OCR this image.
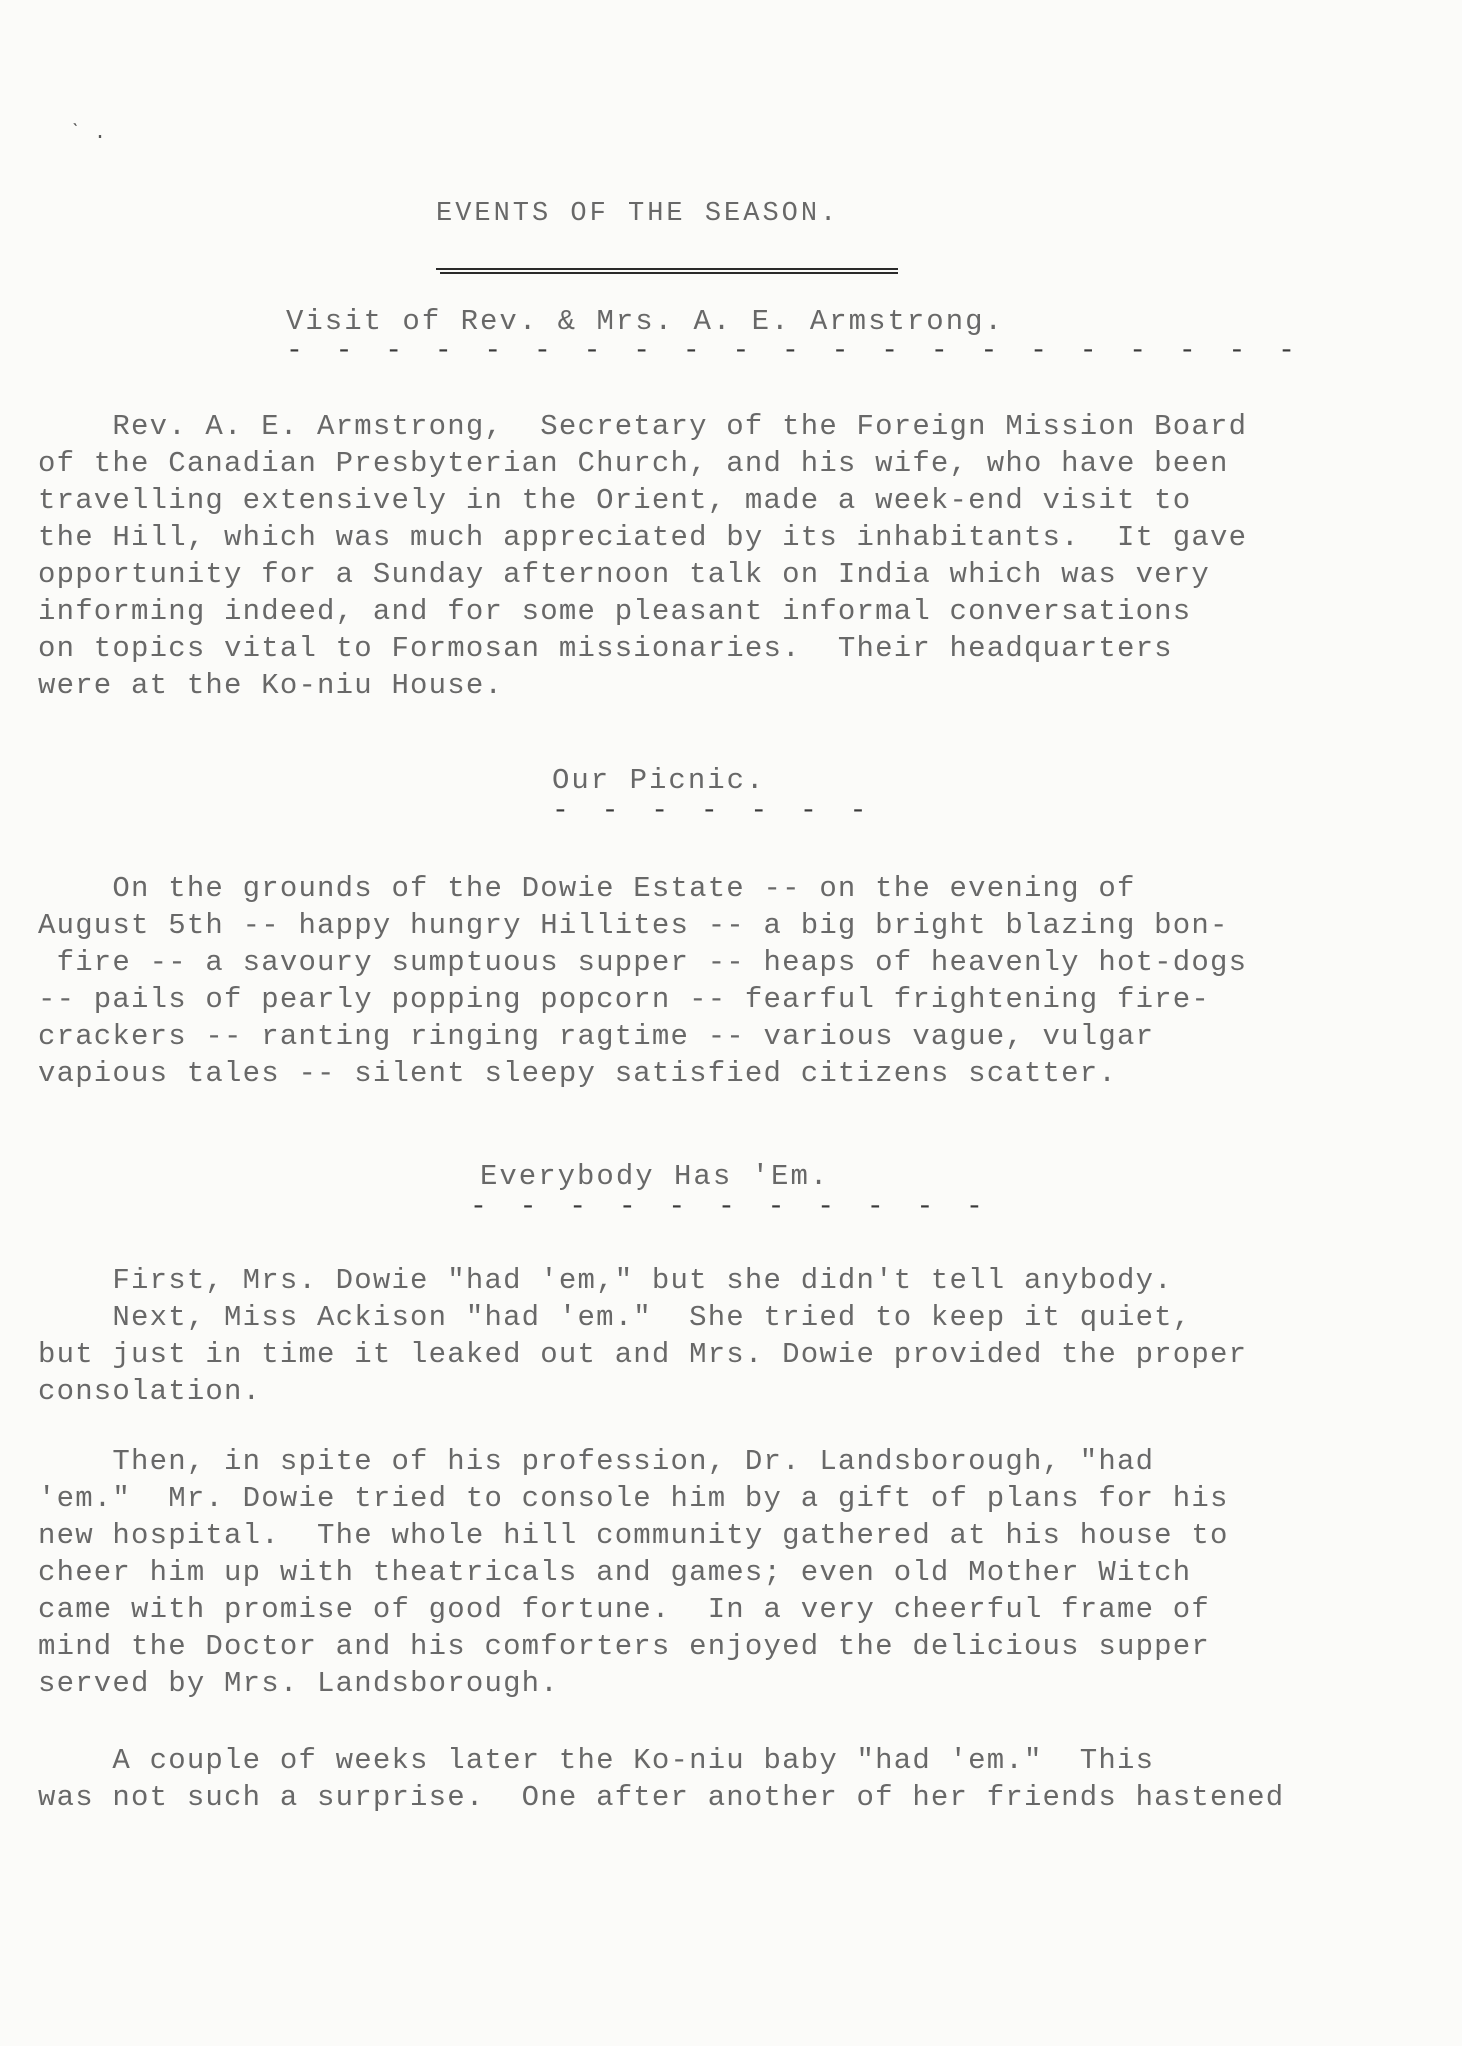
ˋ .
EVENTS OF THE SEASON.
Visit of Rev. & Mrs. A. E. Armstrong.
- - - - - - - - - - - - - - - - - - - - -
Rev. A. E. Armstrong,  Secretary of the Foreign Mission Board
of the Canadian Presbyterian Church, and his wife, who have been
travelling extensively in the Orient, made a week-end visit to
the Hill, which was much appreciated by its inhabitants.  It gave
opportunity for a Sunday afternoon talk on India which was very
informing indeed, and for some pleasant informal conversations
on topics vital to Formosan missionaries.  Their headquarters
were at the Ko-niu House.
Our Picnic.
- - - - - - -
On the grounds of the Dowie Estate -- on the evening of
August 5th -- happy hungry Hillites -- a big bright blazing bon-
fire -- a savoury sumptuous supper -- heaps of heavenly hot-dogs
-- pails of pearly popping popcorn -- fearful frightening fire-
crackers -- ranting ringing ragtime -- various vague, vulgar
vapious tales -- silent sleepy satisfied citizens scatter.
Everybody Has 'Em.
- - - - - - - - - - -
First, Mrs. Dowie "had 'em," but she didn't tell anybody.
Next, Miss Ackison "had 'em."  She tried to keep it quiet,
but just in time it leaked out and Mrs. Dowie provided the proper
consolation.
Then, in spite of his profession, Dr. Landsborough, "had
'em."  Mr. Dowie tried to console him by a gift of plans for his
new hospital.  The whole hill community gathered at his house to
cheer him up with theatricals and games; even old Mother Witch
came with promise of good fortune.  In a very cheerful frame of
mind the Doctor and his comforters enjoyed the delicious supper
served by Mrs. Landsborough.
A couple of weeks later the Ko-niu baby "had 'em."  This
was not such a surprise.  One after another of her friends hastened
